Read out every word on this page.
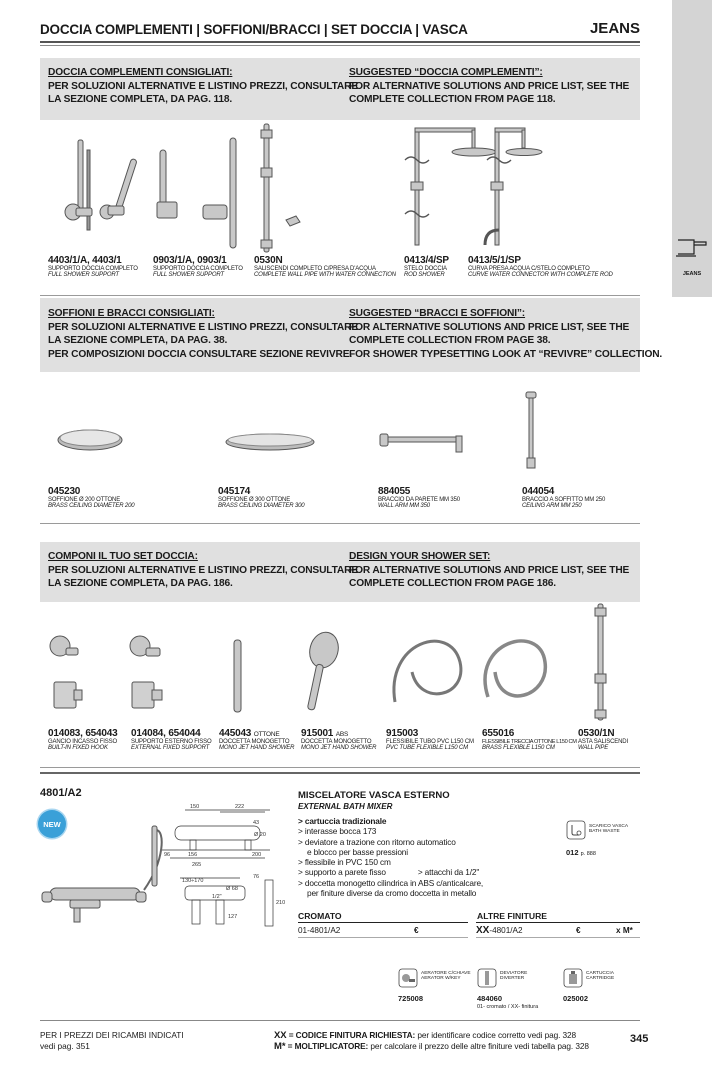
DOCCIA COMPLEMENTI | SOFFIONI/BRACCI | SET DOCCIA | VASCA	JEANS
JEANS
DOCCIA COMPLEMENTI CONSIGLIATI:
PER SOLUZIONI ALTERNATIVE E LISTINO PREZZI, CONSULTARE
LA SEZIONE COMPLETA, DA PAG. 118.
SUGGESTED “DOCCIA COMPLEMENTI”:
FOR ALTERNATIVE SOLUTIONS AND PRICE LIST, SEE THE
COMPLETE COLLECTION FROM PAGE 118.
4403/1/A, 4403/1
SUPPORTO DOCCIA COMPLETO
FULL SHOWER SUPPORT
0903/1/A, 0903/1
SUPPORTO DOCCIA COMPLETO
FULL SHOWER SUPPORT
0530N
SALISCENDI COMPLETO C/PRESA D'ACQUA
COMPLETE WALL PIPE WITH WATER CONNECTION
0413/4/SP
STELO DOCCIA
ROD SHOWER
0413/5/1/SP
CURVA PRESA ACQUA C/STELO COMPLETO
CURVE WATER CONNECTOR WITH COMPLETE ROD
SOFFIONI E BRACCI CONSIGLIATI:
PER SOLUZIONI ALTERNATIVE E LISTINO PREZZI, CONSULTARE
LA SEZIONE COMPLETA, DA PAG. 38.
PER COMPOSIZIONI DOCCIA CONSULTARE SEZIONE REVIVRE.
SUGGESTED “BRACCI E SOFFIONI”:
FOR ALTERNATIVE SOLUTIONS AND PRICE LIST, SEE THE
COMPLETE COLLECTION FROM PAGE 38.
FOR SHOWER TYPESETTING LOOK AT “REVIVRE” COLLECTION.
045230
SOFFIONE Ø 200 OTTONE
BRASS CEILING DIAMETER 200
045174
SOFFIONE Ø 300 OTTONE
BRASS CEILING DIAMETER 300
884055
BRACCIO DA PARETE MM 350
WALL ARM MM 350
044054
BRACCIO A SOFFITTO MM 250
CEILING ARM MM 250
COMPONI IL TUO SET DOCCIA:
PER SOLUZIONI ALTERNATIVE E LISTINO PREZZI, CONSULTARE
LA SEZIONE COMPLETA, DA PAG. 186.
DESIGN YOUR SHOWER SET:
FOR ALTERNATIVE SOLUTIONS AND PRICE LIST, SEE THE
COMPLETE COLLECTION FROM PAGE 186.
014083, 654043
GANCIO INCASSO FISSO
BUILT-IN FIXED HOOK
014084, 654044
SUPPORTO ESTERNO FISSO
EXTERNAL FIXED SUPPORT
445043 OTTONE
DOCCETTA MONOGETTO
MONO JET HAND SHOWER
915001 ABS
DOCCETTA MONOGETTO
MONO JET HAND SHOWER
915003
FLESSIBILE TUBO PVC L150 CM
PVC TUBE FLEXIBLE L150 CM
655016
FLESSIBILE TRECCIA OTTONE L150 CM
BRASS FLEXIBLE L150 CM
0530/1N
ASTA SALISCENDI
WALL PIPE
4801/A2
NEW
150	222
43
96	156	200
265
130÷170
Ø 68
1/2"
76
127
210
Ø 20
MISCELATORE VASCA ESTERNO
EXTERNAL BATH MIXER
> cartuccia tradizionale
> interasse bocca 173
> deviatore a trazione con ritorno automatico
e blocco per basse pressioni
> flessibile in PVC 150 cm
> supporto a parete fisso	> attacchi da 1/2"
> doccetta monogetto cilindrica in ABS c/anticalcare,
per finiture diverse da cromo doccetta in metallo
SCARICO VASCA
BATH WASTE
012 p. 888
CROMATO	ALTRE FINITURE
01-4801/A2	€	XX-4801/A2	€	x M*
AERATORE C/CHIAVE
AERATOR W/KEY
725008
DEVIATORE
DIVERTER
484060
01- cromato / XX- finitura
CARTUCCIA
CARTRIDGE
025002
PER I PREZZI DEI RICAMBI INDICATI
vedi pag. 351
XX = CODICE FINITURA RICHIESTA: per identificare codice corretto vedi pag. 328
M* = MOLTIPLICATORE: per calcolare il prezzo delle altre finiture vedi tabella pag. 328
345
